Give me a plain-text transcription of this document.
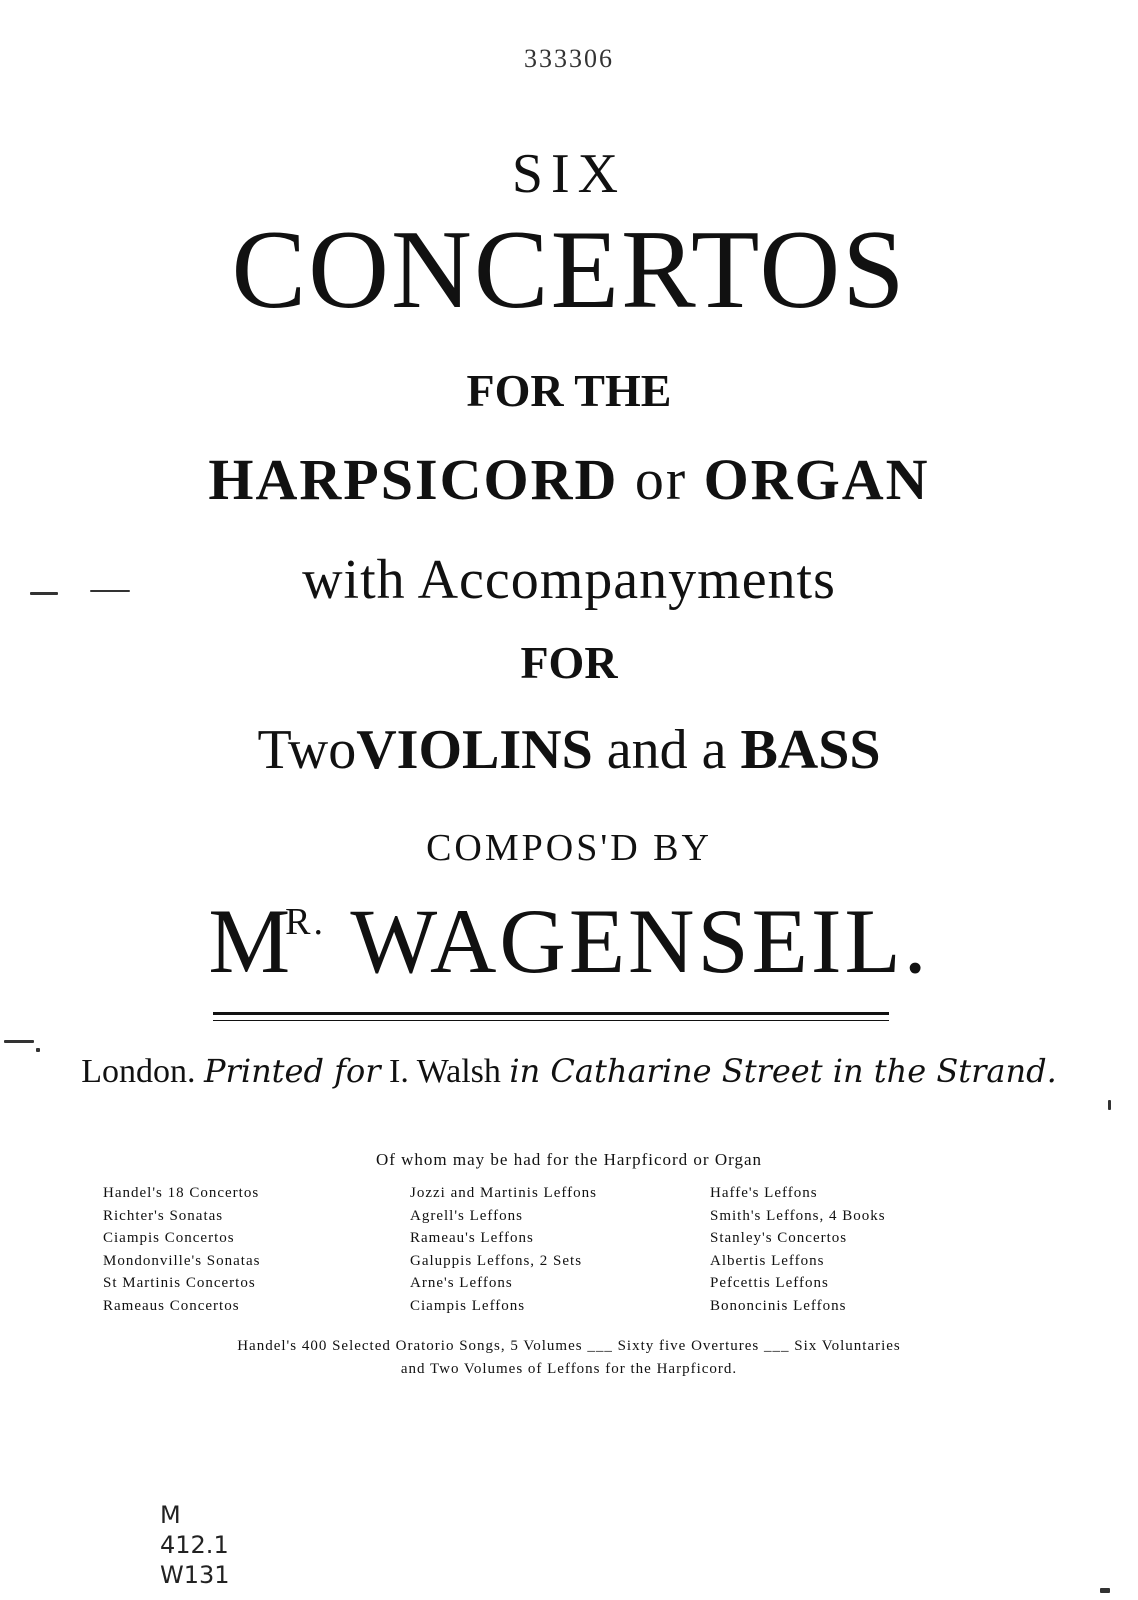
333306
SIX
CONCERTOS
FOR THE
HARPSICORD or ORGAN
with Accompanyments
FOR
TwoVIOLINS and a BASS
COMPOS'D BY
$M^{R.}$ WAGENSEIL.
London. Printed for I. Walsh in Catharine Street in the Strand.
Of whom may be had for the Harpficord or Organ
Handel's 18 Concertos
Richter's Sonatas
Ciampis Concertos
Mondonville's Sonatas
St Martinis Concertos
Rameaus Concertos
Jozzi and Martinis Leffons
Agrell's Leffons
Rameau's Leffons
Galuppis Leffons, 2 Sets
Arne's Leffons
Ciampis Leffons
Haffe's Leffons
Smith's Leffons, 4 Books
Stanley's Concertos
Albertis Leffons
Pefcettis Leffons
Bononcinis Leffons
Handel's 400 Selected Oratorio Songs, 5 Volumes ___ Sixty five Overtures ___ Six Voluntaries
and Two Volumes of Leffons for the Harpficord.
M
412.1
W131
